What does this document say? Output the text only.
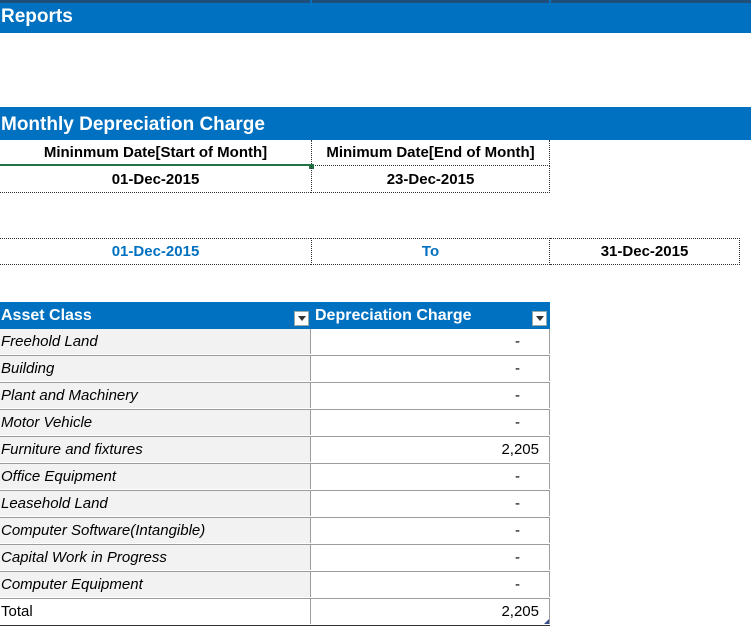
Reports
Monthly Depreciation Charge
Mininmum Date[Start of Month]	Minimum Date[End of Month]
01-Dec-2015	23-Dec-2015
01-Dec-2015	To	31-Dec-2015
Asset Class	Depreciation Charge
Freehold Land	-
Building	-
Plant and Machinery	-
Motor Vehicle	-
Furniture and fixtures	2,205
Office Equipment	-
Leasehold Land	-
Computer Software(Intangible)	-
Capital Work in Progress	-
Computer Equipment	-
Total	2,205
